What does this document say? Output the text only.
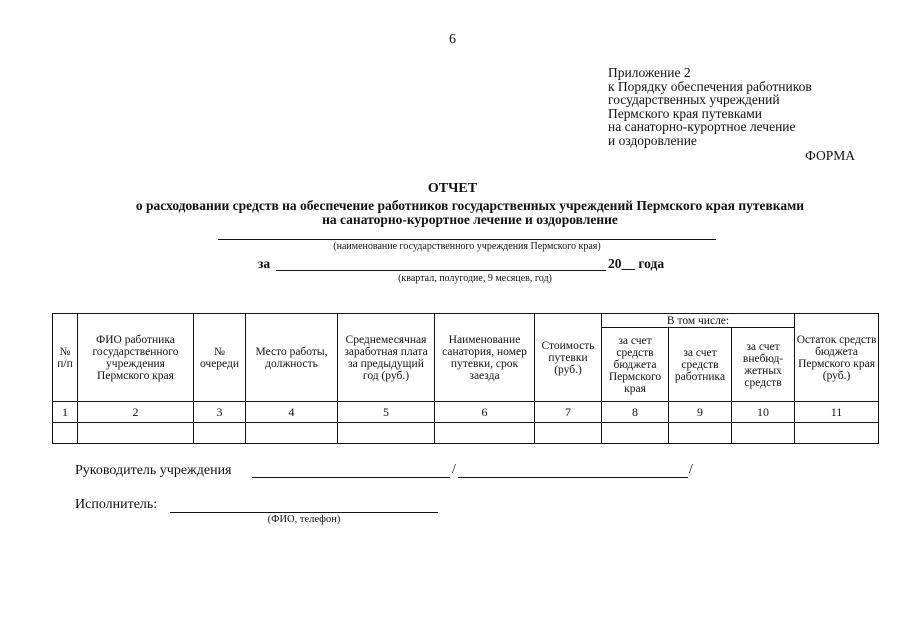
6
Приложение 2
к Порядку обеспечения работников
государственных учреждений
Пермского края путевками
на санаторно-курортное лечение
и оздоровление
ФОРМА
ОТЧЕТ
о расходовании средств на обеспечение работников государственных учреждений Пермского края путевками
на санаторно-курортное лечение и оздоровление
(наименование государственного учреждения Пермского края)
за	20__ года
(квартал, полугодие, 9 месяцев, год)
№ п/п	ФИО работника государственного учреждения Пермского края	№ очереди	Место работы, должность	Среднемесячная заработная плата за предыдущий год (руб.)	Наименование санатория, номер путевки, срок заезда	Стоимость путевки (руб.)	В том числе:			Остаток средств бюджета Пермского края (руб.)
							за счет средств бюджета Пермского края	за счет средств работника	за счет внебюд-жетных средств	
1	2	3	4	5	6	7	8	9	10	11

Руководитель учреждения	/	/
Исполнитель:
(ФИО, телефон)
